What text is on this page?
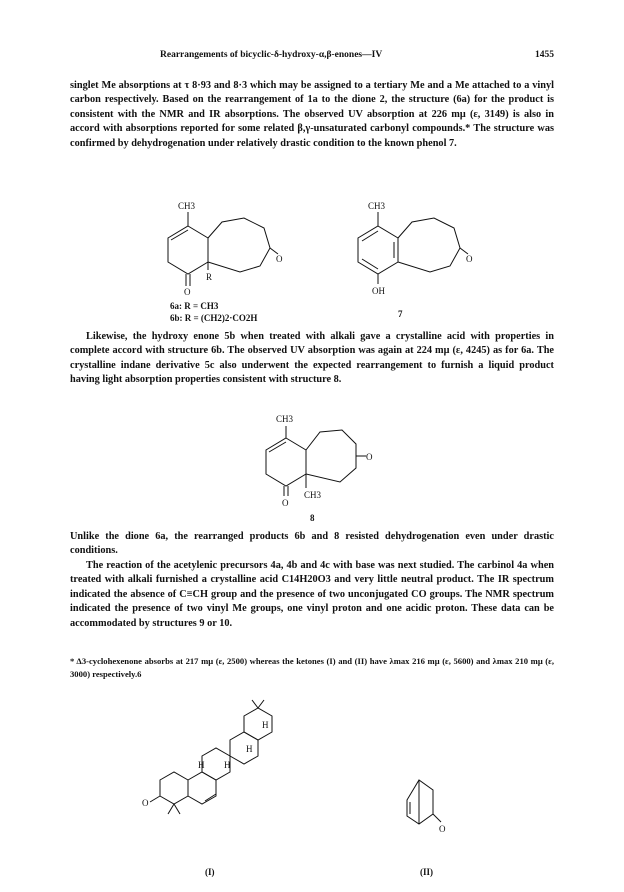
Rearrangements of bicyclic-δ-hydroxy-α,β-enones—IV	1455

singlet Me absorptions at τ 8·93 and 8·3 which may be assigned to a tertiary Me and a Me attached to a vinyl carbon respectively. Based on the rearrangement of 1a to the dione 2, the structure (6a) for the product is consistent with the NMR and IR absorptions. The observed UV absorption at 226 mμ (ε, 3149) is also in accord with absorptions reported for some related β,γ-unsaturated carbonyl compounds.* The structure was confirmed by dehydrogenation under relatively drastic condition to the known phenol 7.

CH3
O
R
O
6a: R = CH3
6b: R = (CH2)2·CO2H
CH3
OH
O
7

Likewise, the hydroxy enone 5b when treated with alkali gave a crystalline acid with properties in complete accord with structure 6b. The observed UV absorption was again at 224 mμ (ε, 4245) as for 6a. The crystalline indane derivative 5c also underwent the expected rearrangement to furnish a liquid product having light absorption properties consistent with structure 8.

CH3
O
CH3
O
8

Unlike the dione 6a, the rearranged products 6b and 8 resisted dehydrogenation even under drastic conditions.

The reaction of the acetylenic precursors 4a, 4b and 4c with base was next studied. The carbinol 4a when treated with alkali furnished a crystalline acid C14H20O3 and very little neutral product. The IR spectrum indicated the absence of C≡CH group and the presence of two unconjugated CO groups. The NMR spectrum indicated the presence of two vinyl Me groups, one vinyl proton and one acidic proton. These data can be accommodated by structures 9 or 10.

* Δ3-cyclohexenone absorbs at 217 mμ (ε, 2500) whereas the ketones (I) and (II) have λmax 216 mμ (ε, 5600) and λmax 210 mμ (ε, 3000) respectively.6
O
H H
H
H
(I)
O
(II)
